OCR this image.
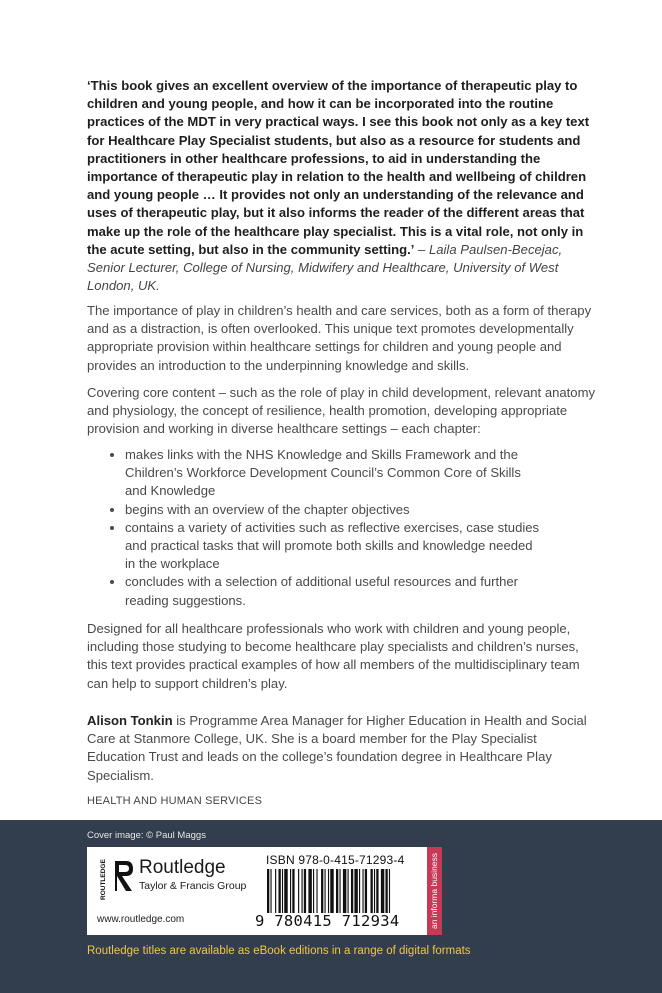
‘This book gives an excellent overview of the importance of therapeutic play to children and young people, and how it can be incorporated into the routine practices of the MDT in very practical ways. I see this book not only as a key text for Healthcare Play Specialist students, but also as a resource for students and practitioners in other healthcare professions, to aid in understanding the importance of therapeutic play in relation to the health and wellbeing of children and young people … It provides not only an understanding of the relevance and uses of therapeutic play, but it also informs the reader of the different areas that make up the role of the healthcare play specialist. This is a vital role, not only in the acute setting, but also in the community setting.’ – Laila Paulsen-Becejac, Senior Lecturer, College of Nursing, Midwifery and Healthcare, University of West London, UK.
The importance of play in children’s health and care services, both as a form of therapy and as a distraction, is often overlooked. This unique text promotes developmentally appropriate provision within healthcare settings for children and young people and provides an introduction to the underpinning knowledge and skills.
Covering core content – such as the role of play in child development, relevant anatomy and physiology, the concept of resilience, health promotion, developing appropriate provision and working in diverse healthcare settings – each chapter:
• makes links with the NHS Knowledge and Skills Framework and the Children’s Workforce Development Council’s Common Core of Skills and Knowledge
• begins with an overview of the chapter objectives
• contains a variety of activities such as reflective exercises, case studies and practical tasks that will promote both skills and knowledge needed in the workplace
• concludes with a selection of additional useful resources and further reading suggestions.
Designed for all healthcare professionals who work with children and young people, including those studying to become healthcare play specialists and children’s nurses, this text provides practical examples of how all members of the multidisciplinary team can help to support children’s play.
Alison Tonkin is Programme Area Manager for Higher Education in Health and Social Care at Stanmore College, UK. She is a board member for the Play Specialist Education Trust and leads on the college’s foundation degree in Healthcare Play Specialism.
HEALTH AND HUMAN SERVICES
Cover image: © Paul Maggs
ROUTLEDGE Routledge
Taylor & Francis Group
www.routledge.com
ISBN 978-0-415-71293-4
9 780415 712934	an informa business
Routledge titles are available as eBook editions in a range of digital formats
